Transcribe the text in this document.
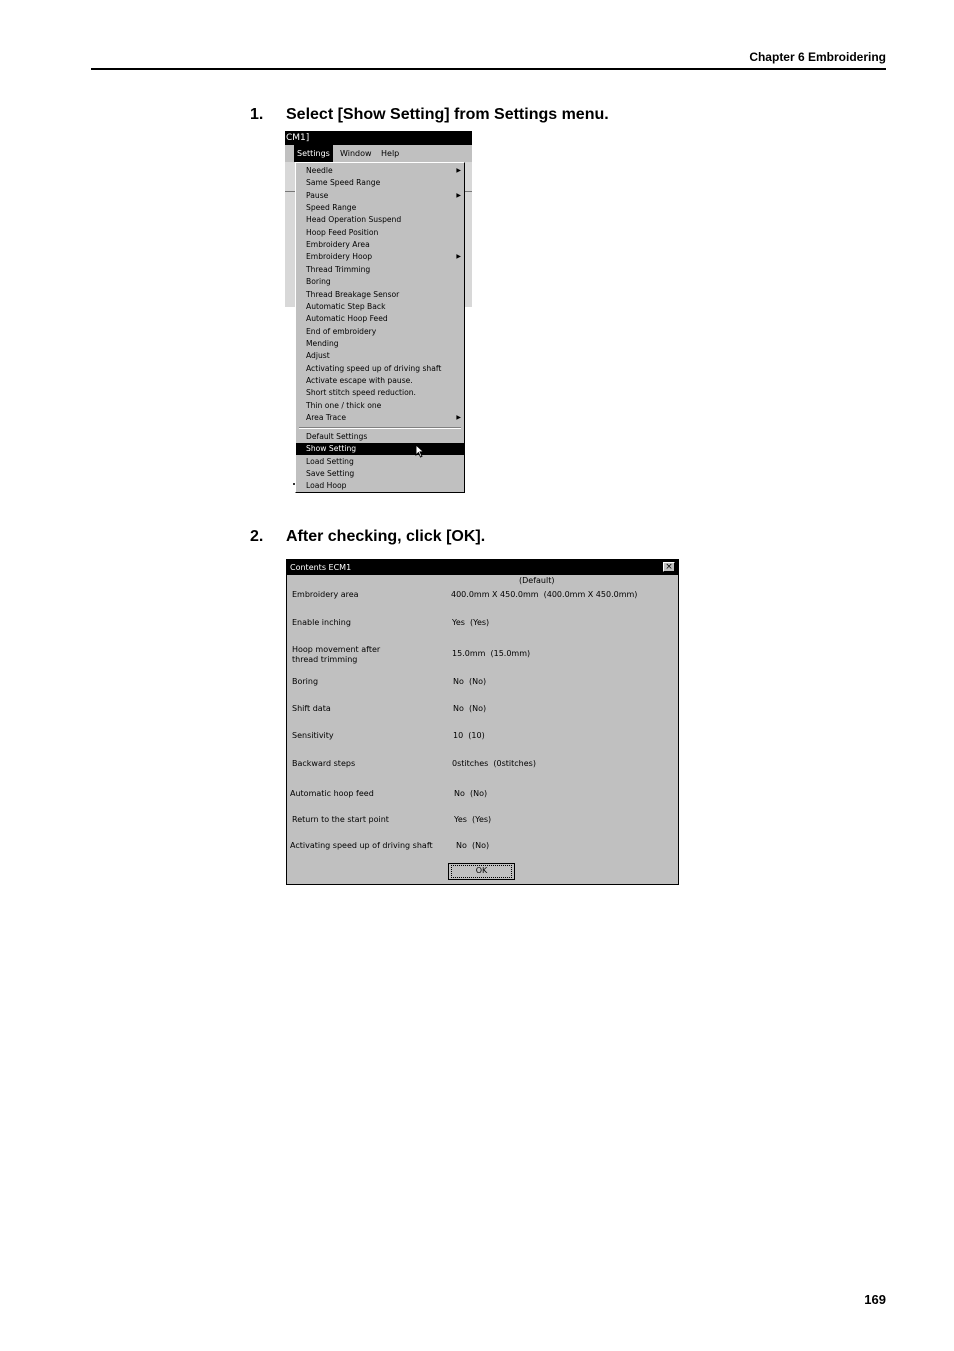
Chapter 6 Embroidering
1. Select [Show Setting] from Settings menu.
CM1]
Settings	Window	Help
Needle	▶
Same Speed Range
Pause	▶
Speed Range
Head Operation Suspend
Hoop Feed Position
Embroidery Area
Embroidery Hoop	▶
Thread Trimming
Boring
Thread Breakage Sensor
Automatic Step Back
Automatic Hoop Feed
End of embroidery
Mending
Adjust
Activating speed up of driving shaft
Activate escape with pause.
Short stitch speed reduction.
Thin one / thick one
Area Trace	▶
Default Settings
Show Setting
Load Setting
Save Setting
Load Hoop
2. After checking, click [OK].
Contents ECM1	×
(Default)
OK
Embroidery area	400.0mm X 450.0mm  (400.0mm X 450.0mm)
Enable inching	Yes  (Yes)
Hoop movement after
thread trimming
15.0mm  (15.0mm)
Boring	No  (No)
Shift data	No  (No)
Sensitivity	10  (10)
Backward steps	0stitches  (0stitches)
Automatic hoop feed	No  (No)
Return to the start point	Yes  (Yes)
Activating speed up of driving shaft	No  (No)
169
